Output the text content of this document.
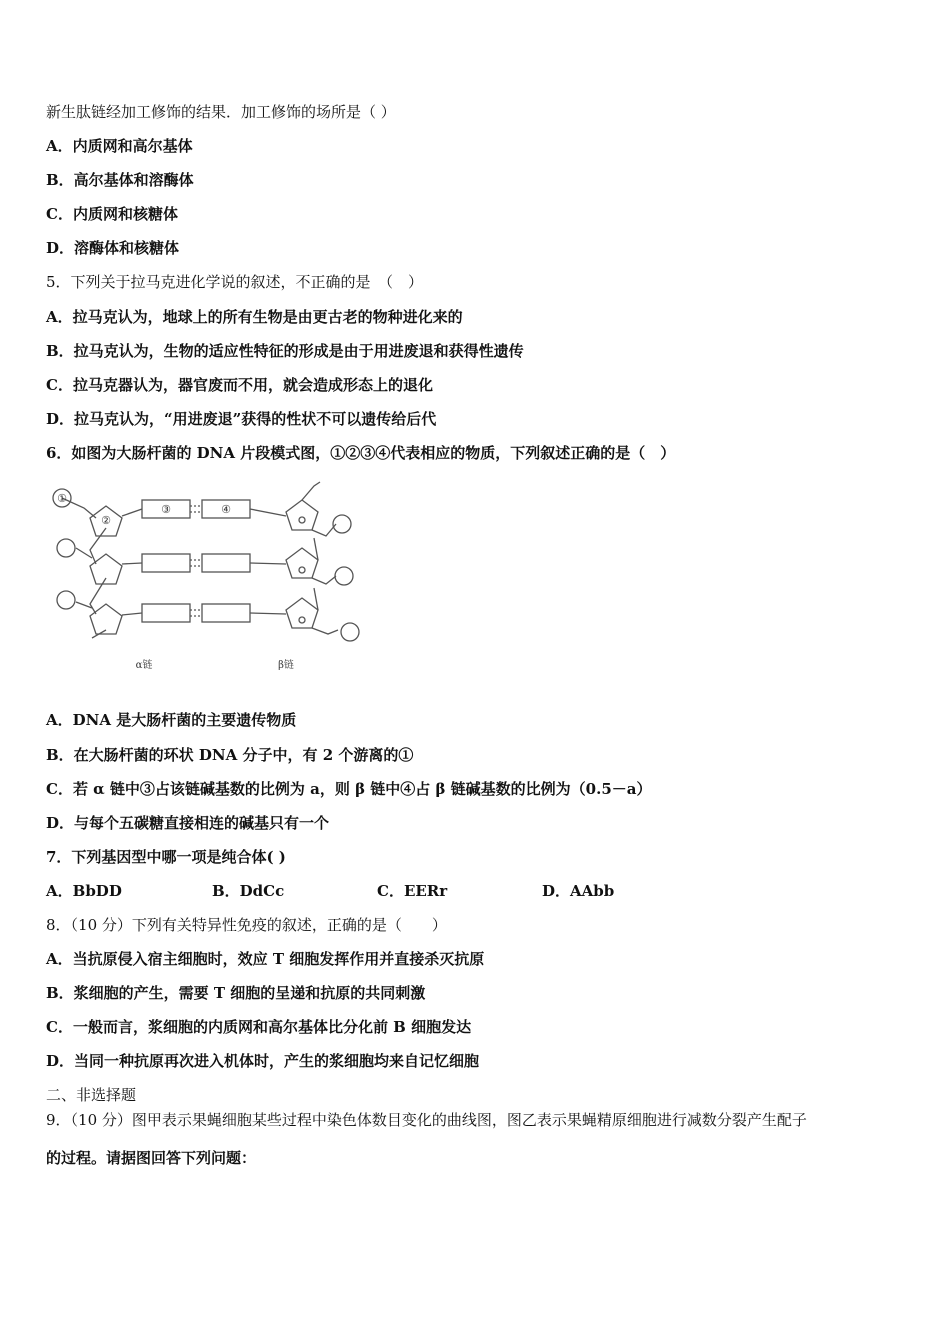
新生肽链经加工修饰的结果．加工修饰的场所是（ ）
A．内质网和高尔基体
B．高尔基体和溶酶体
C．内质网和核糖体
D．溶酶体和核糖体
5．下列关于拉马克进化学说的叙述，不正确的是　（　）
A．拉马克认为，地球上的所有生物是由更古老的物种进化来的
B．拉马克认为，生物的适应性特征的形成是由于用进废退和获得性遗传
C．拉马克器认为，器官废而不用，就会造成形态上的退化
D．拉马克认为，“用进废退”获得的性状不可以遗传给后代
6．如图为大肠杆菌的 DNA 片段模式图，①②③④代表相应的物质，下列叙述正确的是（　）
①
②
③	④
α链	β链
A．DNA 是大肠杆菌的主要遗传物质
B．在大肠杆菌的环状 DNA 分子中，有 2 个游离的①
C．若 α 链中③占该链碱基数的比例为 a，则 β 链中④占 β 链碱基数的比例为（0.5－a）
D．与每个五碳糖直接相连的碱基只有一个
7．下列基因型中哪一项是纯合体( )
A．BbDD	B．DdCc	C．EERr	D．AAbb
8．（10 分）下列有关特异性免疫的叙述，正确的是（　　）
A．当抗原侵入宿主细胞时，效应 T 细胞发挥作用并直接杀灭抗原
B．浆细胞的产生，需要 T 细胞的呈递和抗原的共同刺激
C．一般而言，浆细胞的内质网和高尔基体比分化前 B 细胞发达
D．当同一种抗原再次进入机体时，产生的浆细胞均来自记忆细胞
二、非选择题
9．（10 分）图甲表示果蝇细胞某些过程中染色体数目变化的曲线图，图乙表示果蝇精原细胞进行减数分裂产生配子
的过程。请据图回答下列问题：
